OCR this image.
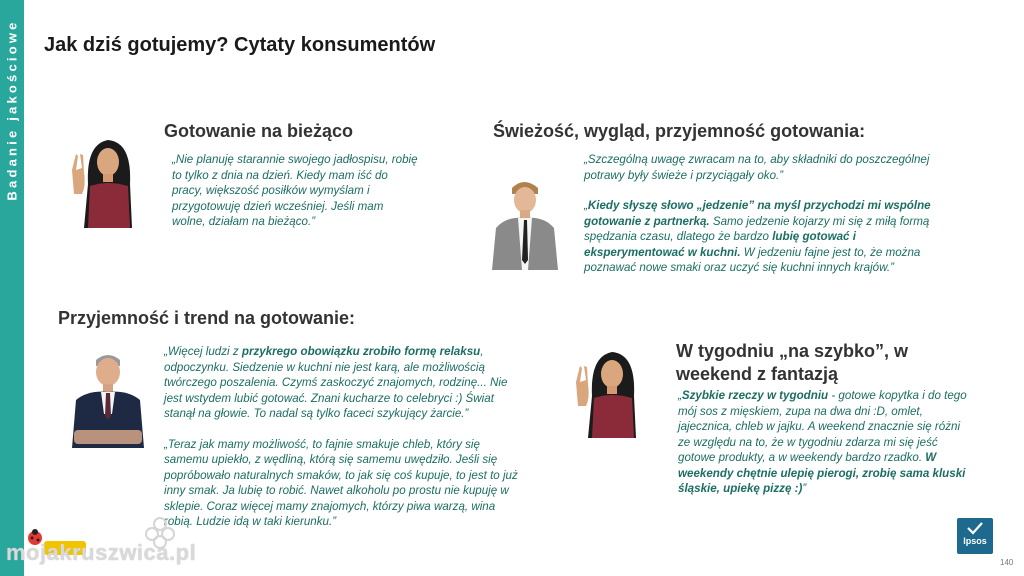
Badanie jakościowe Jak dziś gotujemy? Cytaty konsumentów
Gotowanie na bieżąco

„Nie planuję starannie swojego jadłospisu, robię to tylko z dnia na dzień. Kiedy mam iść do pracy, większość posiłków wymyślam i przygotowuję dzień wcześniej. Jeśli mam wolne, działam na bieżąco.”

Świeżość, wygląd, przyjemność gotowania:

„Szczególną uwagę zwracam na to, aby składniki do poszczególnej potrawy były świeże i przyciągały oko.”

„Kiedy słyszę słowo „jedzenie” na myśl przychodzi mi wspólne gotowanie z partnerką. Samo jedzenie kojarzy mi się z miłą formą spędzania czasu, dlatego że bardzo lubię gotować i eksperymentować w kuchni. W jedzeniu fajne jest to, że można poznawać nowe smaki oraz uczyć się kuchni innych krajów.”

Przyjemność i trend na gotowanie:

„Więcej ludzi z przykrego obowiązku zrobiło formę relaksu, odpoczynku. Siedzenie w kuchni nie jest karą, ale możliwością twórczego poszalenia. Czymś zaskoczyć znajomych, rodzinę... Nie jest wstydem lubić gotować. Znani kucharze to celebryci :) Świat stanął na głowie. To nadal są tylko faceci szykujący żarcie.”

„Teraz jak mamy możliwość, to fajnie smakuje chleb, który się samemu upiekło, z wędliną, którą się samemu uwędziło. Jeśli się popróbowało naturalnych smaków, to jak się coś kupuje, to jest to już inny smak. Ja lubię to robić. Nawet alkoholu po prostu nie kupuję w sklepie. Coraz więcej mamy znajomych, którzy piwa warzą, wina robią. Ludzie idą w taki kierunku.”

W tygodniu „na szybko”, w weekend z fantazją

„Szybkie rzeczy w tygodniu - gotowe kopytka i do tego mój sos z mięskiem, zupa na dwa dni :D, omlet, jajecznica, chleb w jajku. A weekend znacznie się różni ze względu na to, że w tygodniu zdarza mi się jeść gotowe produkty, a w weekendy bardzo rzadko. W weekendy chętnie ulepię pierogi, zrobię sama kluski śląskie, upiekę pizzę :)”

mojakruszwica.pl	Ipsos
140
